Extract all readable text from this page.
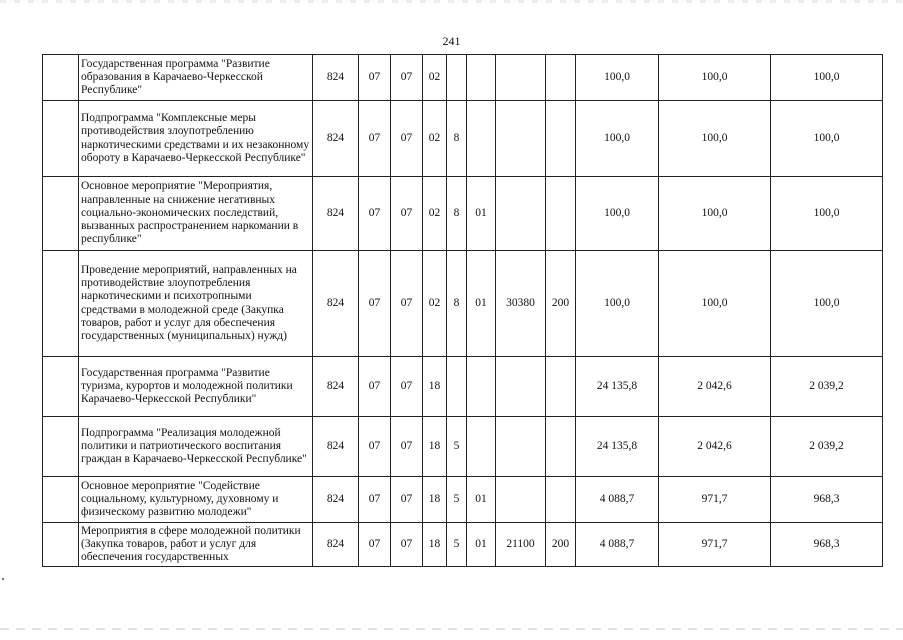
241
	Государственная программа "Развитие образования в Карачаево-Черкесской Республике"	824	07	07	02					100,0	100,0	100,0
	Подпрограмма "Комплексные меры противодействия злоупотреблению наркотическими средствами и их незаконному обороту в Карачаево-Черкесской Республике"	824	07	07	02	8				100,0	100,0	100,0
	Основное мероприятие "Мероприятия, направленные на снижение негативных социально-экономических последствий, вызванных распространением наркомании в республике"	824	07	07	02	8	01			100,0	100,0	100,0
	Проведение мероприятий, направленных на противодействие злоупотребления наркотическими и психотропными средствами в молодежной среде (Закупка товаров, работ и услуг для обеспечения государственных (муниципальных) нужд)	824	07	07	02	8	01	30380	200	100,0	100,0	100,0
	Государственная программа "Развитие туризма, курортов и молодежной политики Карачаево-Черкесской Республики"	824	07	07	18					24 135,8	2 042,6	2 039,2
	Подпрограмма "Реализация молодежной политики и патриотического воспитания граждан в Карачаево-Черкесской Республике"	824	07	07	18	5				24 135,8	2 042,6	2 039,2
	Основное мероприятие "Содействие социальному, культурному, духовному и физическому развитию молодежи"	824	07	07	18	5	01			4 088,7	971,7	968,3
	Мероприятия в сфере молодежной политики (Закупка товаров, работ и услуг для обеспечения государственных	824	07	07	18	5	01	21100	200	4 088,7	971,7	968,3
